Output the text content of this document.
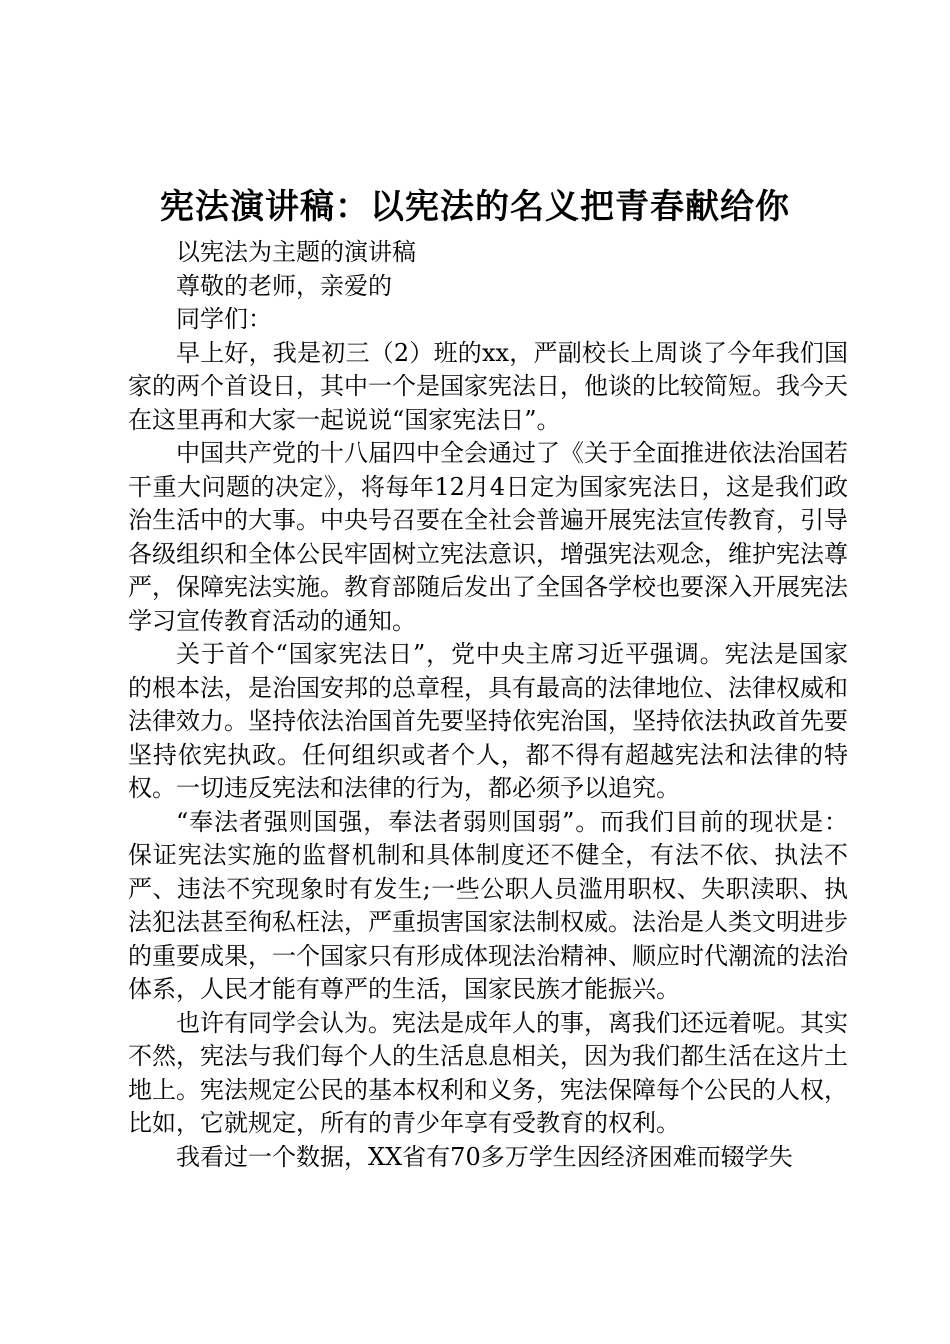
宪法演讲稿：以宪法的名义把青春献给你

以宪法为主题的演讲稿

尊敬的老师，亲爱的

同学们：

早上好，我是初三（2）班的xx，严副校长上周谈了今年我们国家的两个首设日，其中一个是国家宪法日，他谈的比较简短。我今天在这里再和大家一起说说“国家宪法日”。

中国共产党的十八届四中全会通过了《关于全面推进依法治国若干重大问题的决定》，将每年12月4日定为国家宪法日，这是我们政治生活中的大事。中央号召要在全社会普遍开展宪法宣传教育，引导各级组织和全体公民牢固树立宪法意识，增强宪法观念，维护宪法尊严，保障宪法实施。教育部随后发出了全国各学校也要深入开展宪法学习宣传教育活动的通知。

关于首个“国家宪法日”，党中央主席习近平强调。宪法是国家的根本法，是治国安邦的总章程，具有最高的法律地位、法律权威和法律效力。坚持依法治国首先要坚持依宪治国，坚持依法执政首先要坚持依宪执政。任何组织或者个人，都不得有超越宪法和法律的特权。一切违反宪法和法律的行为，都必须予以追究。

“奉法者强则国强，奉法者弱则国弱”。而我们目前的现状是：保证宪法实施的监督机制和具体制度还不健全，有法不依、执法不严、违法不究现象时有发生;一些公职人员滥用职权、失职渎职、执法犯法甚至徇私枉法，严重损害国家法制权威。法治是人类文明进步的重要成果，一个国家只有形成体现法治精神、顺应时代潮流的法治体系，人民才能有尊严的生活，国家民族才能振兴。

也许有同学会认为。宪法是成年人的事，离我们还远着呢。其实不然，宪法与我们每个人的生活息息相关，因为我们都生活在这片土地上。宪法规定公民的基本权利和义务，宪法保障每个公民的人权，比如，它就规定，所有的青少年享有受教育的权利。

我看过一个数据，XX省有70多万学生因经济困难而辍学失
